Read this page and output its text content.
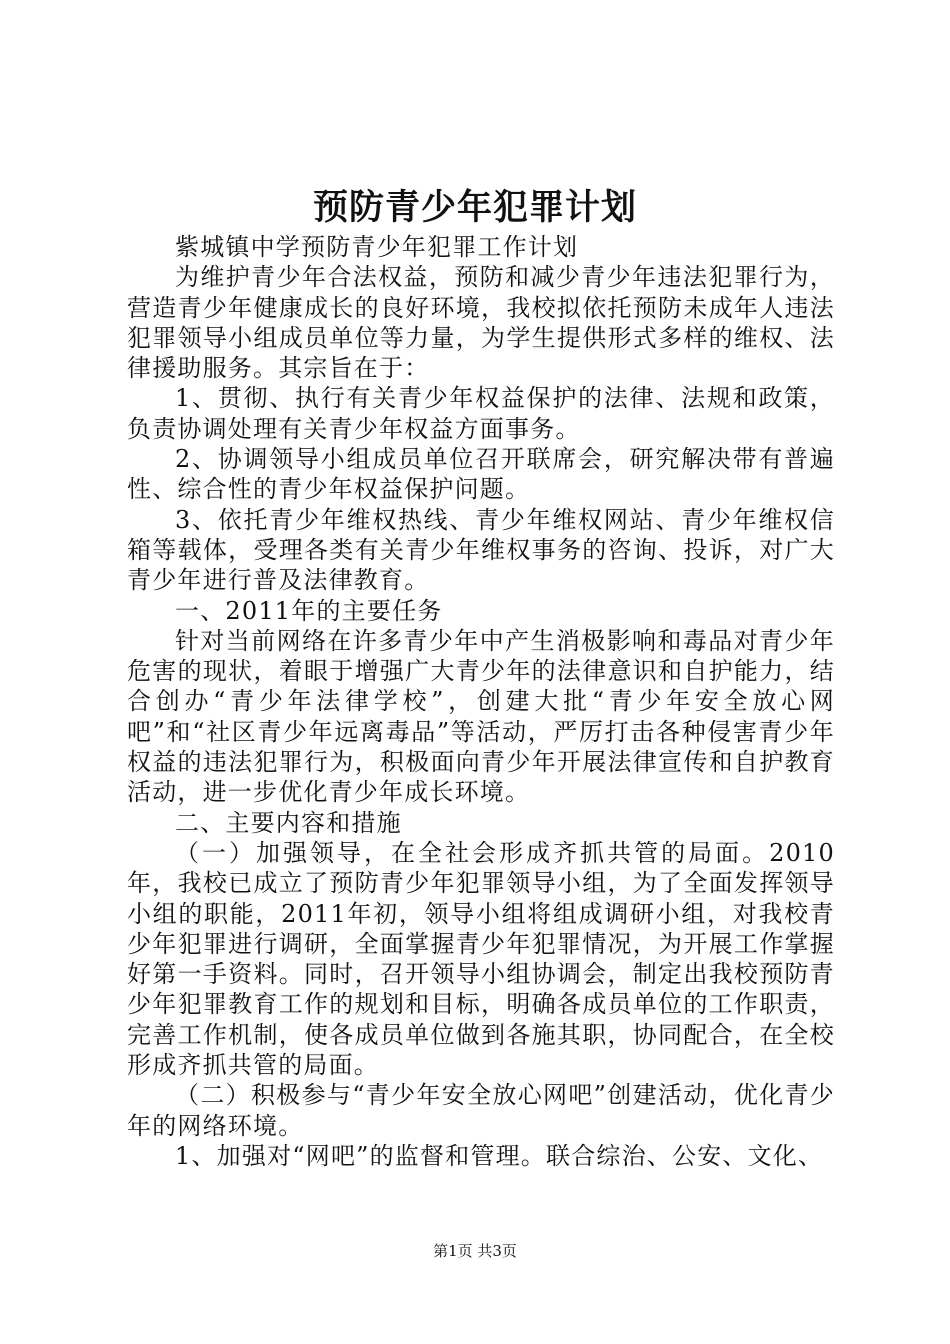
预防青少年犯罪计划

紫城镇中学预防青少年犯罪工作计划

为维护青少年合法权益，预防和减少青少年违法犯罪行为，营造青少年健康成长的良好环境，我校拟依托预防未成年人违法犯罪领导小组成员单位等力量，为学生提供形式多样的维权、法律援助服务。其宗旨在于：

1、贯彻、执行有关青少年权益保护的法律、法规和政策，负责协调处理有关青少年权益方面事务。

2、协调领导小组成员单位召开联席会，研究解决带有普遍性、综合性的青少年权益保护问题。

3、依托青少年维权热线、青少年维权网站、青少年维权信箱等载体，受理各类有关青少年维权事务的咨询、投诉，对广大青少年进行普及法律教育。

一、2011年的主要任务

针对当前网络在许多青少年中产生消极影响和毒品对青少年危害的现状，着眼于增强广大青少年的法律意识和自护能力，结合创办“青少年法律学校”，创建大批“青少年安全放心网吧”和“社区青少年远离毒品”等活动，严厉打击各种侵害青少年权益的违法犯罪行为，积极面向青少年开展法律宣传和自护教育活动，进一步优化青少年成长环境。

二、主要内容和措施

（一）加强领导，在全社会形成齐抓共管的局面。2010年，我校已成立了预防青少年犯罪领导小组，为了全面发挥领导小组的职能，2011年初，领导小组将组成调研小组，对我校青少年犯罪进行调研，全面掌握青少年犯罪情况，为开展工作掌握好第一手资料。同时，召开领导小组协调会，制定出我校预防青少年犯罪教育工作的规划和目标，明确各成员单位的工作职责，完善工作机制，使各成员单位做到各施其职，协同配合，在全校形成齐抓共管的局面。

（二）积极参与“青少年安全放心网吧”创建活动，优化青少年的网络环境。

1、加强对“网吧”的监督和管理。联合综治、公安、文化、

第1页 共3页
